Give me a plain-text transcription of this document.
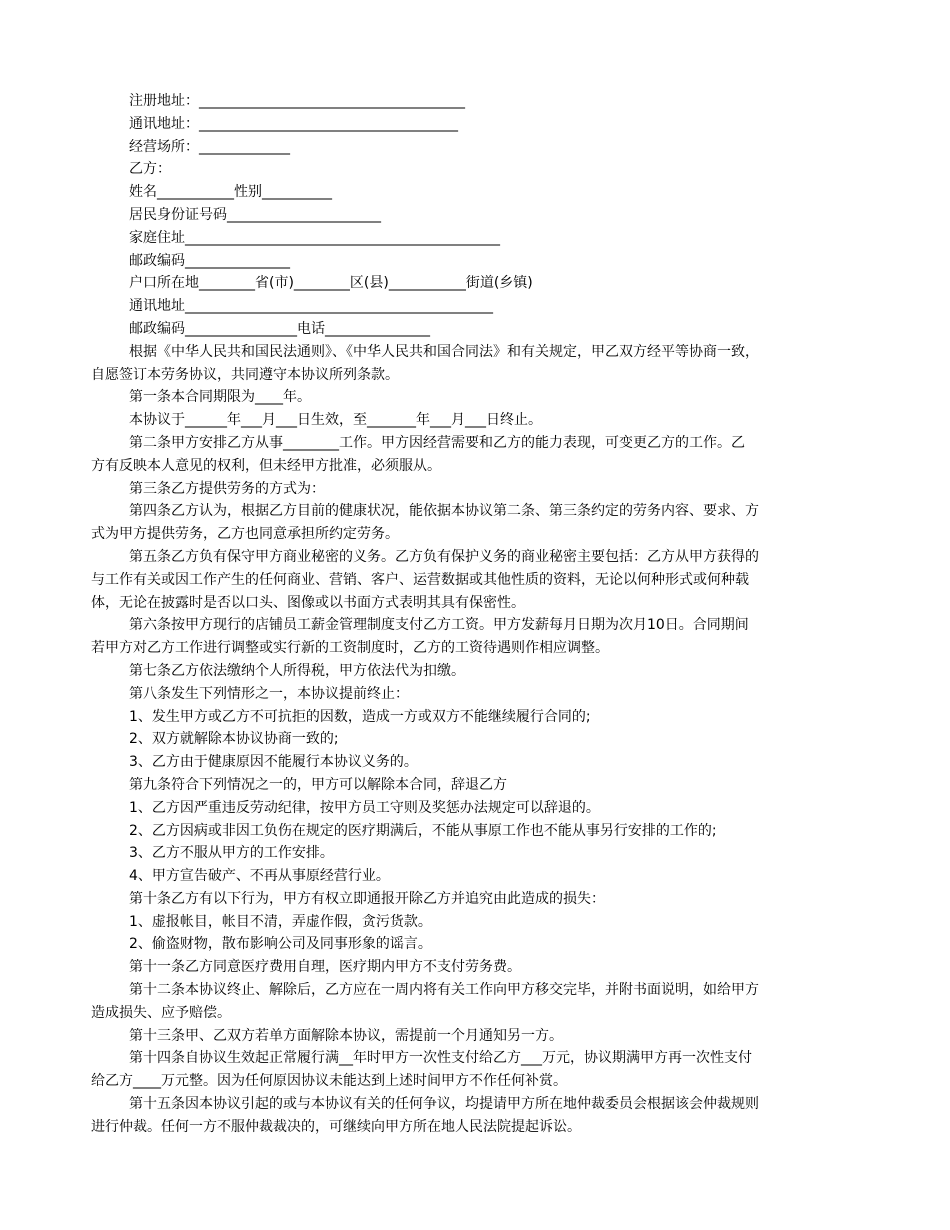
注册地址：______________________________________
通讯地址：_____________________________________
经营场所：_____________
乙方：
姓名___________性别__________
居民身份证号码______________________
家庭住址_____________________________________________
邮政编码_______________
户口所在地________省(市)________区(县)___________街道(乡镇)
通讯地址____________________________________________
邮政编码________________电话_______________
根据《中华人民共和国民法通则》、《中华人民共和国合同法》和有关规定，甲乙双方经平等协商一致，
自愿签订本劳务协议，共同遵守本协议所列条款。
第一条本合同期限为____年。
本协议于______年___月___日生效，至_______年___月___日终止。
第二条甲方安排乙方从事________工作。甲方因经营需要和乙方的能力表现，可变更乙方的工作。乙
方有反映本人意见的权利，但未经甲方批准，必须服从。
第三条乙方提供劳务的方式为：
第四条乙方认为，根据乙方目前的健康状况，能依据本协议第二条、第三条约定的劳务内容、要求、方
式为甲方提供劳务，乙方也同意承担所约定劳务。
第五条乙方负有保守甲方商业秘密的义务。乙方负有保护义务的商业秘密主要包括：乙方从甲方获得的
与工作有关或因工作产生的任何商业、营销、客户、运营数据或其他性质的资料，无论以何种形式或何种载
体，无论在披露时是否以口头、图像或以书面方式表明其具有保密性。
第六条按甲方现行的店铺员工薪金管理制度支付乙方工资。甲方发薪每月日期为次月10日。合同期间
若甲方对乙方工作进行调整或实行新的工资制度时，乙方的工资待遇则作相应调整。
第七条乙方依法缴纳个人所得税，甲方依法代为扣缴。
第八条发生下列情形之一，本协议提前终止：
1、发生甲方或乙方不可抗拒的因数，造成一方或双方不能继续履行合同的;
2、双方就解除本协议协商一致的;
3、乙方由于健康原因不能履行本协议义务的。
第九条符合下列情况之一的，甲方可以解除本合同，辞退乙方
1、乙方因严重违反劳动纪律，按甲方员工守则及奖惩办法规定可以辞退的。
2、乙方因病或非因工负伤在规定的医疗期满后，不能从事原工作也不能从事另行安排的工作的;
3、乙方不服从甲方的工作安排。
4、甲方宣告破产、不再从事原经营行业。
第十条乙方有以下行为，甲方有权立即通报开除乙方并追究由此造成的损失：
1、虚报帐目，帐目不清，弄虚作假，贪污货款。
2、偷盗财物，散布影响公司及同事形象的谣言。
第十一条乙方同意医疗费用自理，医疗期内甲方不支付劳务费。
第十二条本协议终止、解除后，乙方应在一周内将有关工作向甲方移交完毕，并附书面说明，如给甲方
造成损失、应予赔偿。
第十三条甲、乙双方若单方面解除本协议，需提前一个月通知另一方。
第十四条自协议生效起正常履行满__年时甲方一次性支付给乙方___万元，协议期满甲方再一次性支付
给乙方____万元整。因为任何原因协议未能达到上述时间甲方不作任何补赏。
第十五条因本协议引起的或与本协议有关的任何争议，均提请甲方所在地仲裁委员会根据该会仲裁规则
进行仲裁。任何一方不服仲裁裁决的，可继续向甲方所在地人民法院提起诉讼。
